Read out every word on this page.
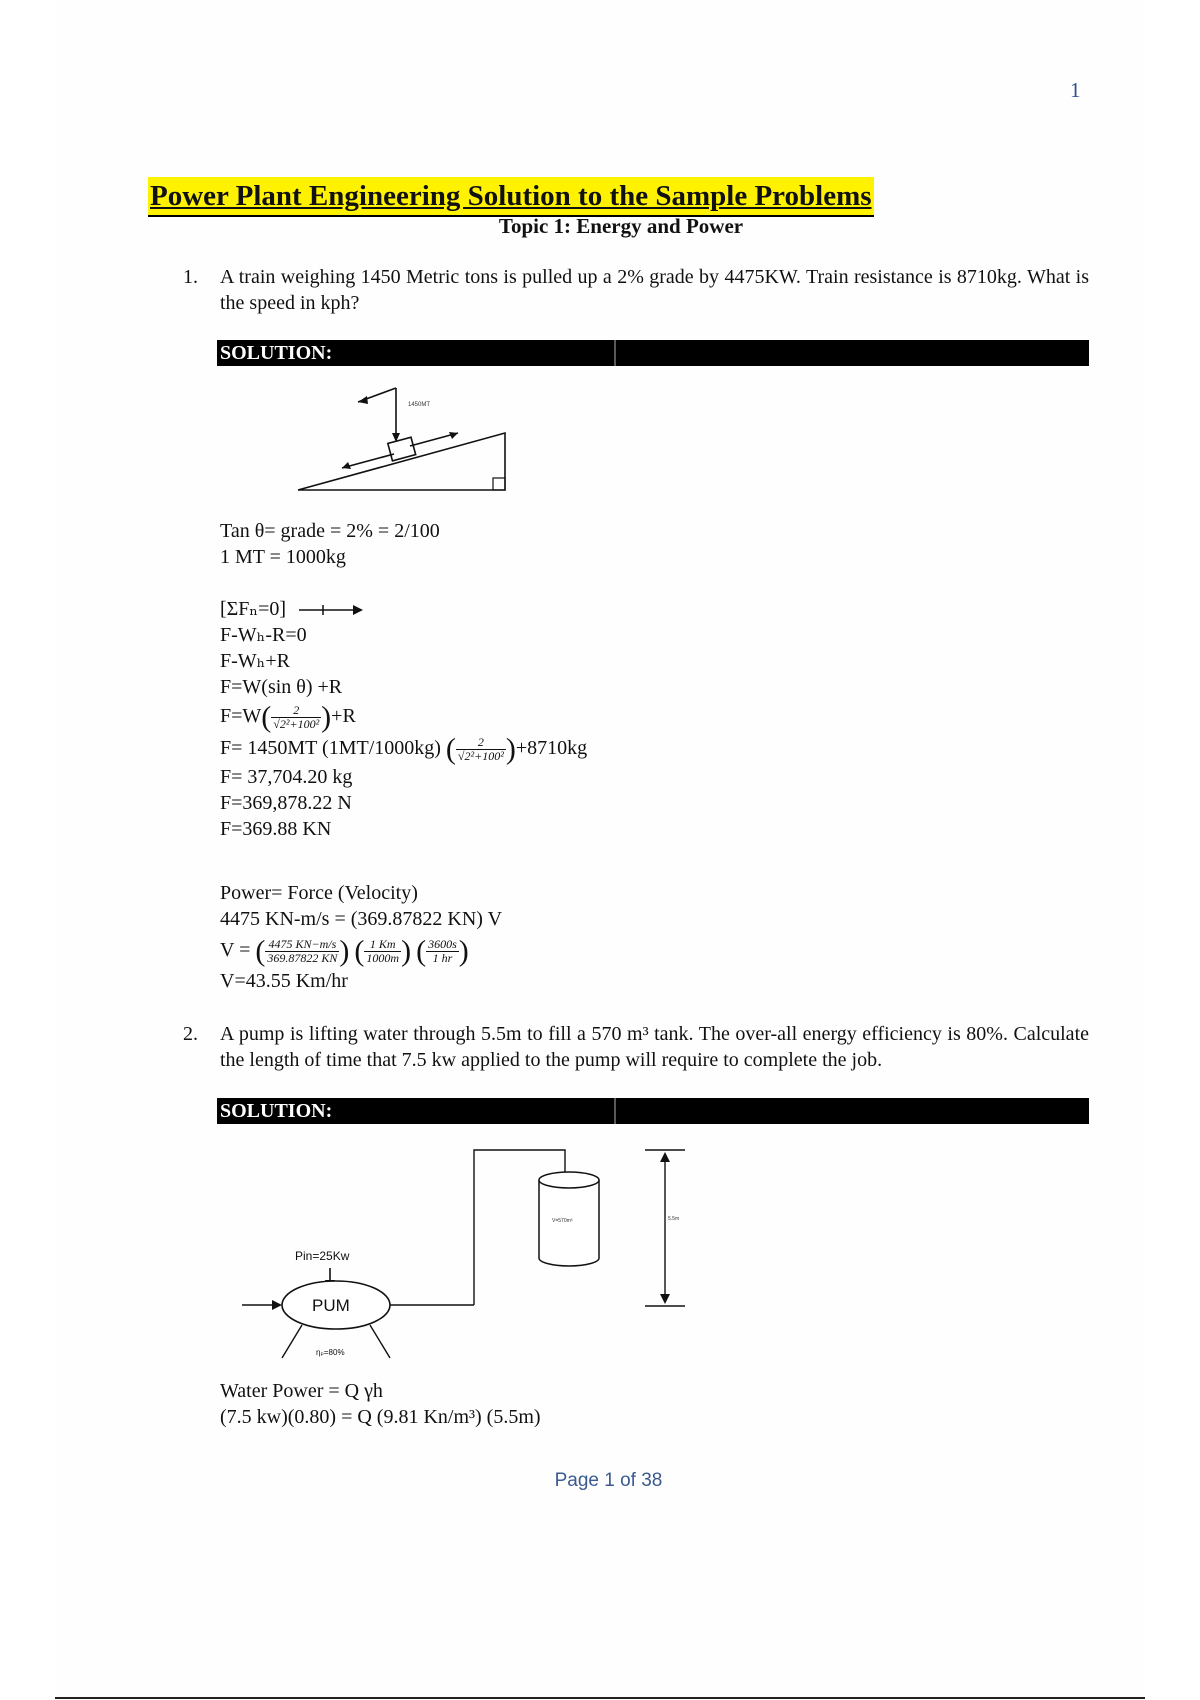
1
Power Plant Engineering Solution to the Sample Problems
Topic 1: Energy and Power
1. A train weighing 1450 Metric tons is pulled up a 2% grade by 4475KW. Train resistance is 8710kg. What is the speed in kph?
SOLUTION:
1450MT
Tan θ= grade = 2% = 2/100
1 MT = 1000kg
[ΣFₙ=0]
F-Wₕ-R=0
F-Wₕ+R
F=W(sin θ) +R
$F=W( \frac{2}{\text{√2²+100²}} )+R$
F= 1450MT (1MT/1000kg) ( $\frac{2}{\text{√2²+100²}} )+8710kg$
F= 37,704.20 kg
F=369,878.22 N
F=369.88 KN
Power= Force (Velocity)
4475 KN-m/s = (369.87822 KN) V
V = ( $\frac{4475 KN-m/s}{369.87822 KN}$ ) ( $\frac{1 Km}{1000m}$ ) ( $\frac{3600s}{1 hr}$ )
V=43.55 Km/hr
2. A pump is lifting water through 5.5m to fill a 570 m³ tank. The over-all energy efficiency is 80%. Calculate the length of time that 7.5 kw applied to the pump will require to complete the job.
SOLUTION:
Pin=25Kw
PUM
ηₚ=80%
V=570m³	5.5m
Water Power = Q γh
(7.5 kw)(0.80) = Q (9.81 Kn/m³) (5.5m)
Page 1 of 38
